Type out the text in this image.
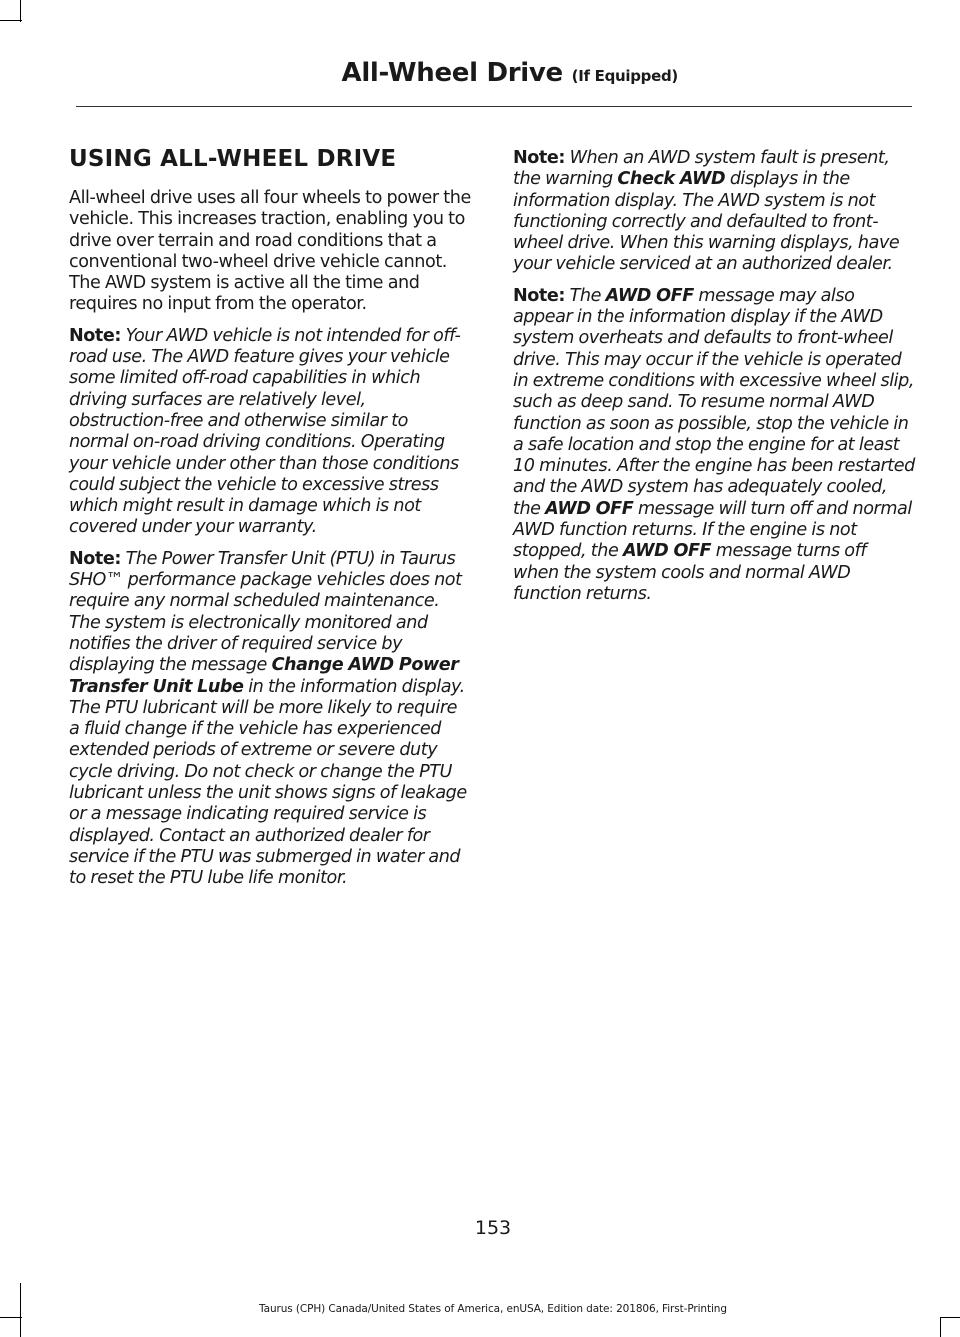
All-Wheel Drive (If Equipped)
USING ALL-WHEEL DRIVE

All-wheel drive uses all four wheels to power the vehicle. This increases traction, enabling you to drive over terrain and road conditions that a conventional two-wheel drive vehicle cannot. The AWD system is active all the time and requires no input from the operator.

Note: Your AWD vehicle is not intended for off-road use. The AWD feature gives your vehicle some limited off-road capabilities in which driving surfaces are relatively level, obstruction-free and otherwise similar to normal on-road driving conditions. Operating your vehicle under other than those conditions could subject the vehicle to excessive stress which might result in damage which is not covered under your warranty.

Note: The Power Transfer Unit (PTU) in Taurus SHO™ performance package vehicles does not require any normal scheduled maintenance. The system is electronically monitored and notifies the driver of required service by displaying the message Change AWD Power Transfer Unit Lube in the information display. The PTU lubricant will be more likely to require a fluid change if the vehicle has experienced extended periods of extreme or severe duty cycle driving. Do not check or change the PTU lubricant unless the unit shows signs of leakage or a message indicating required service is displayed. Contact an authorized dealer for service if the PTU was submerged in water and to reset the PTU lube life monitor.

Note: When an AWD system fault is present, the warning Check AWD displays in the information display. The AWD system is not functioning correctly and defaulted to front-wheel drive. When this warning displays, have your vehicle serviced at an authorized dealer.

Note: The AWD OFF message may also appear in the information display if the AWD system overheats and defaults to front-wheel drive. This may occur if the vehicle is operated in extreme conditions with excessive wheel slip, such as deep sand. To resume normal AWD function as soon as possible, stop the vehicle in a safe location and stop the engine for at least 10 minutes. After the engine has been restarted and the AWD system has adequately cooled, the AWD OFF message will turn off and normal AWD function returns. If the engine is not stopped, the AWD OFF message turns off when the system cools and normal AWD function returns.

153
Taurus (CPH) Canada/United States of America, enUSA, Edition date: 201806, First-Printing
